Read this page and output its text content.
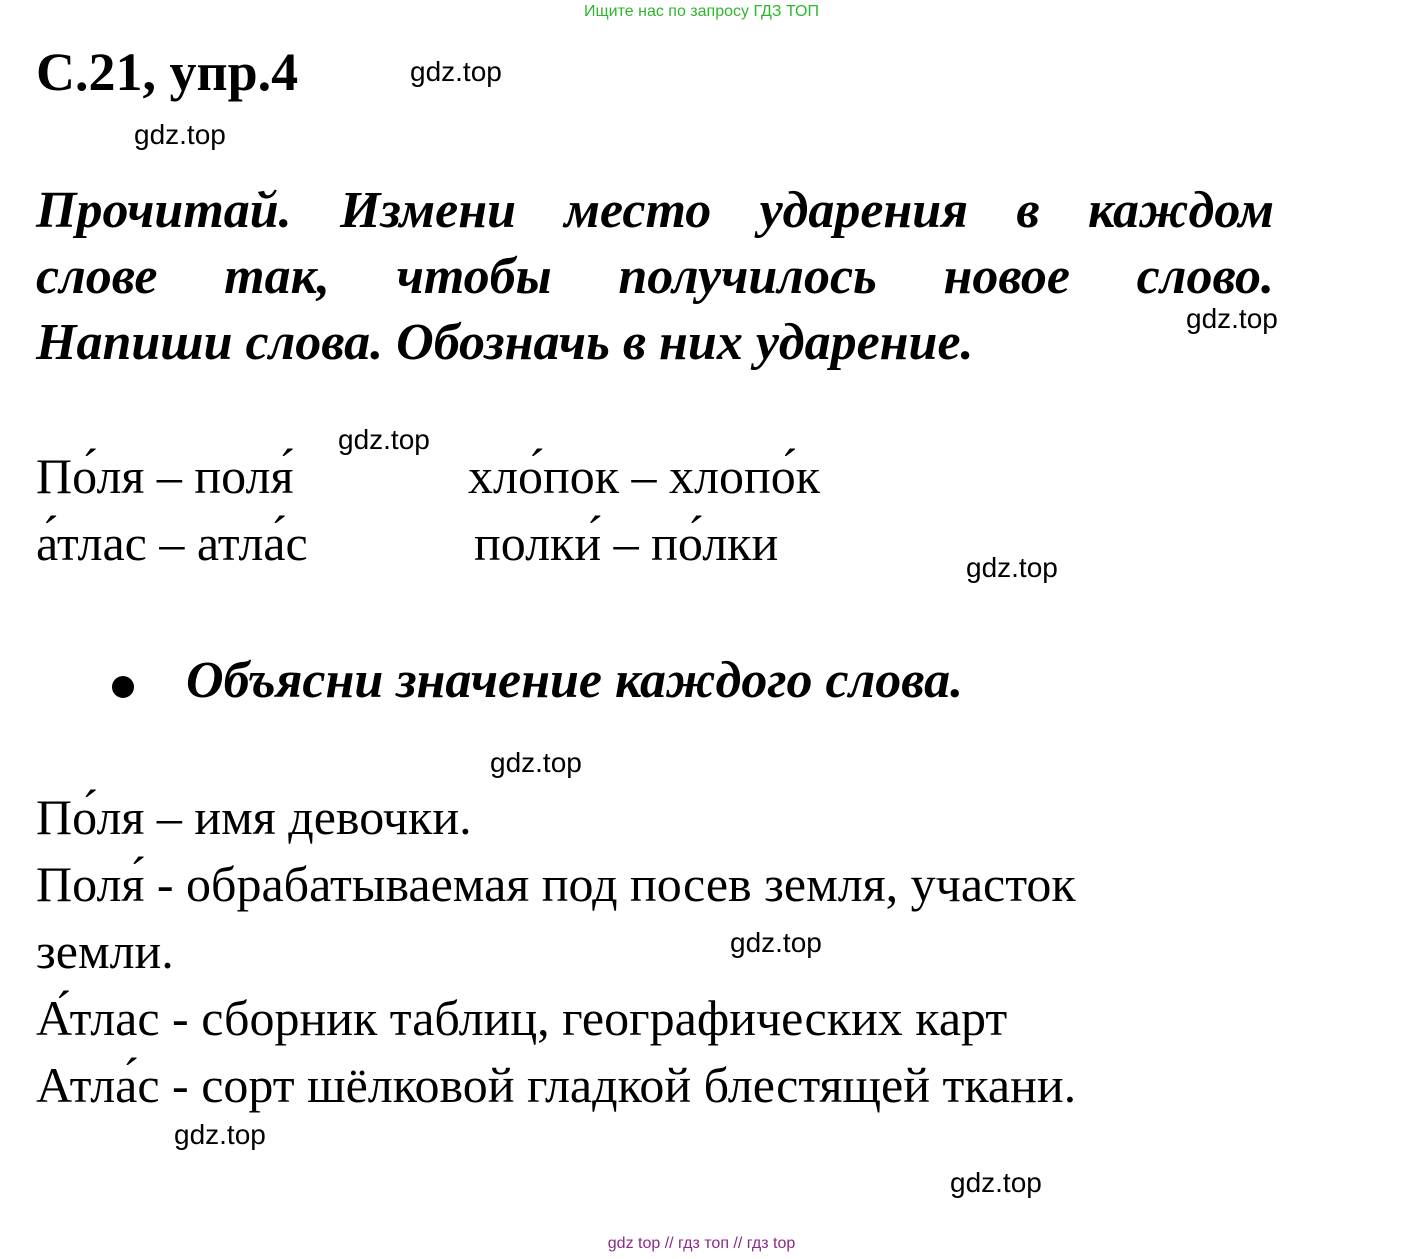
Ищите нас по запросу ГДЗ ТОП
С.21, упр.4
Прочитай. Измени место ударения в каждом
слове так, чтобы получилось новое слово.
Напиши слова. Обозначь в них ударение.
По́ля – поля́	хло́пок – хлопо́к
а́тлас – атла́с	полки́ – по́лки
Объясни значение каждого слова.
По́ля – имя девочки.
Поля́ - обрабатываемая под посев земля, участок
земли.
А́тлас - сборник таблиц, географических карт
Атла́с - сорт шёлковой гладкой блестящей ткани.
gdz.top
gdz.top
gdz.top
gdz.top
gdz.top
gdz.top
gdz.top
gdz.top
gdz.top
gdz top // гдз топ // гдз top
